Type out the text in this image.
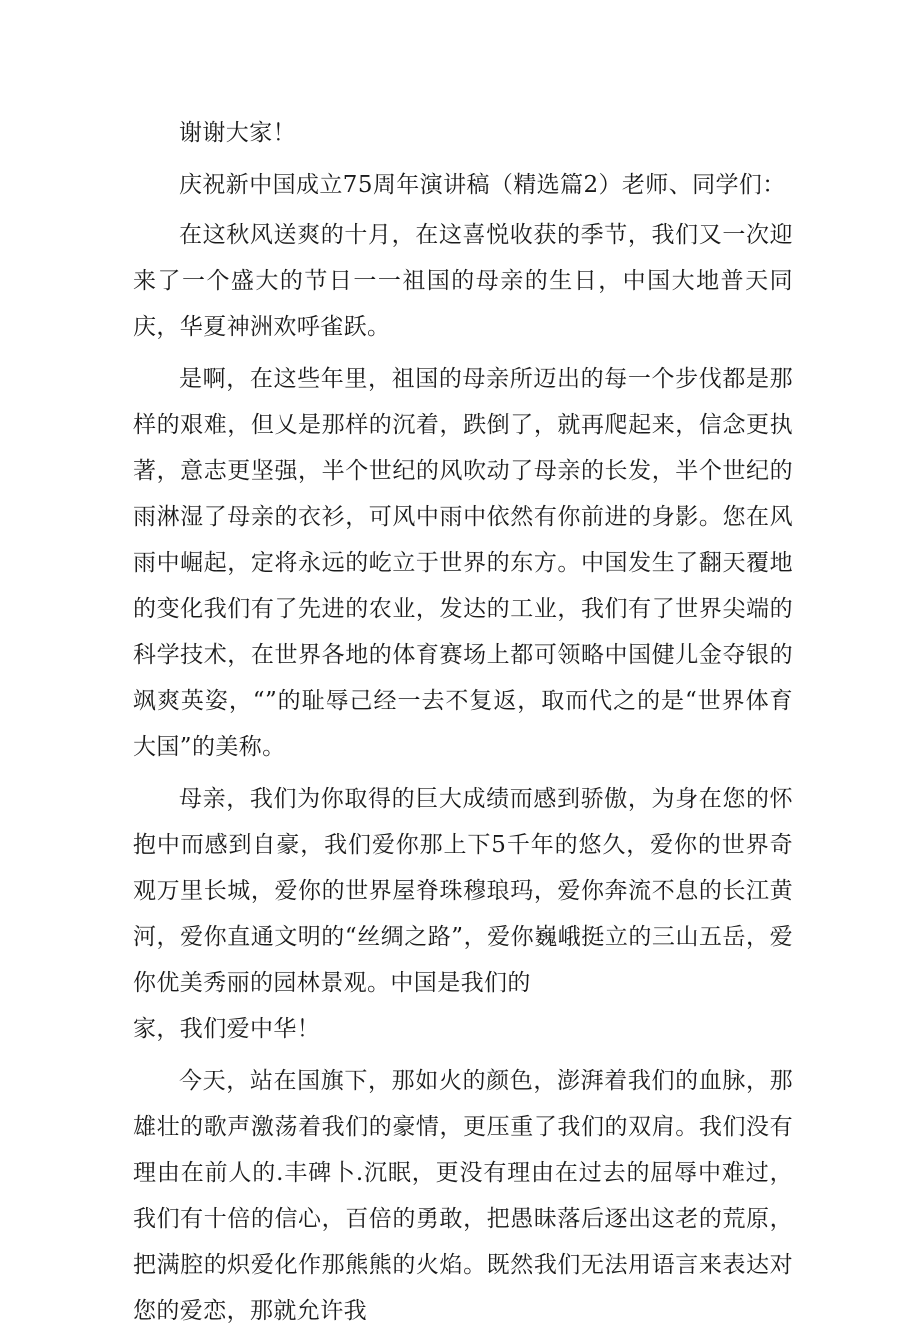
谢谢大家！

庆祝新中国成立75周年演讲稿（精选篇2）老师、同学们：

在这秋风送爽的十月，在这喜悦收获的季节，我们又一次迎来了一个盛大的节日一一祖国的母亲的生日，中国大地普天同庆，华夏神洲欢呼雀跃。

是啊，在这些年里，祖国的母亲所迈出的每一个步伐都是那样的艰难，但乂是那样的沉着，跌倒了，就再爬起来，信念更执著，意志更坚强，半个世纪的风吹动了母亲的长发，半个世纪的雨淋湿了母亲的衣衫，可风中雨中依然有你前进的身影。您在风雨中崛起，定将永远的屹立于世界的东方。中国发生了翻天覆地的变化我们有了先进的农业，发达的工业，我们有了世界尖端的科学技术，在世界各地的体育赛场上都可领略中国健儿金夺银的飒爽英姿，“”的耻辱己经一去不复返，取而代之的是“世界体育大国”的美称。

母亲，我们为你取得的巨大成绩而感到骄傲，为身在您的怀抱中而感到自豪，我们爱你那上下5千年的悠久，爱你的世界奇观万里长城，爱你的世界屋脊珠穆琅玛，爱你奔流不息的长江黄河，爱你直通文明的“丝绸之路”，爱你巍峨挺立的三山五岳，爱你优美秀丽的园林景观。中国是我们的

家，我们爱中华！

今天，站在国旗下，那如火的颜色，澎湃着我们的血脉，那雄壮的歌声激荡着我们的豪情，更压重了我们的双肩。我们没有理由在前人的.丰碑卜.沉眠，更没有理由在过去的屈辱中难过，我们有十倍的信心，百倍的勇敢，把愚昧落后逐出这老的荒原，把满腔的炽爱化作那熊熊的火焰。既然我们无法用语言来表达对您的爱恋，那就允许我
